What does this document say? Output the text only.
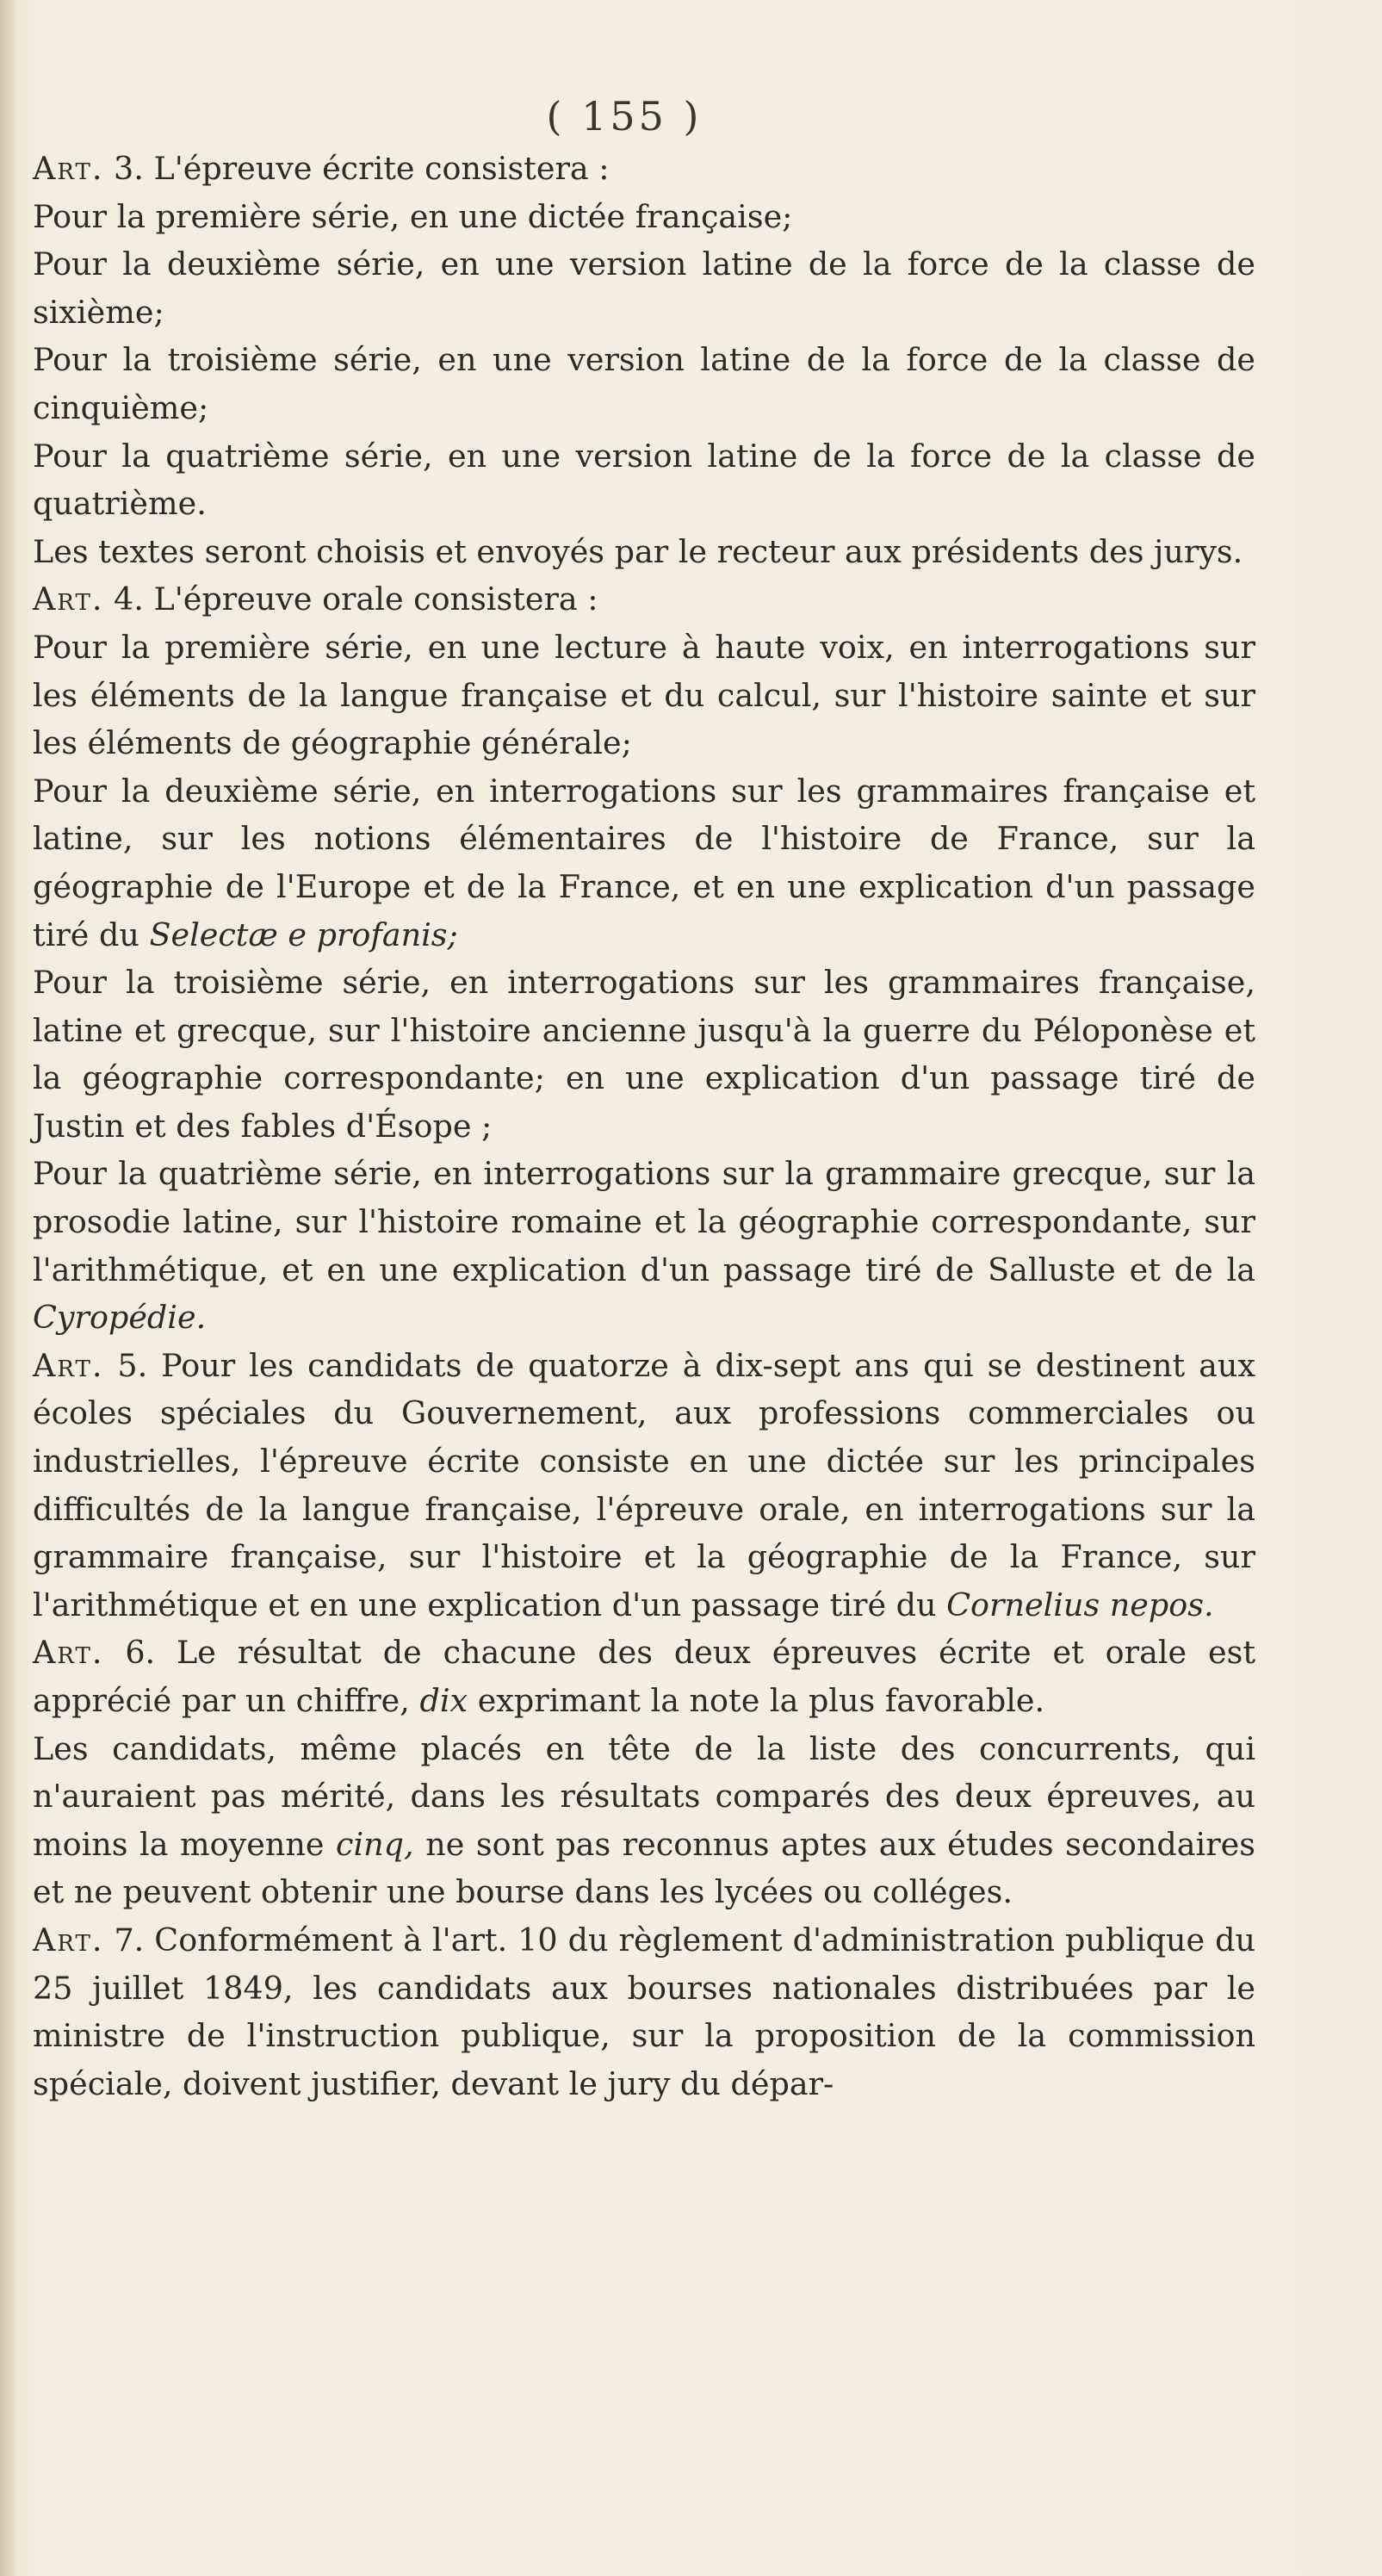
( 155 )

Art. 3. L'épreuve écrite consistera :

Pour la première série, en une dictée française;

Pour la deuxième série, en une version latine de la force de la classe de sixième;

Pour la troisième série, en une version latine de la force de la classe de cinquième;

Pour la quatrième série, en une version latine de la force de la classe de quatrième.

Les textes seront choisis et envoyés par le recteur aux présidents des jurys.

Art. 4. L'épreuve orale consistera :

Pour la première série, en une lecture à haute voix, en interrogations sur les éléments de la langue française et du calcul, sur l'histoire sainte et sur les éléments de géographie générale;

Pour la deuxième série, en interrogations sur les grammaires française et latine, sur les notions élémentaires de l'histoire de France, sur la géographie de l'Europe et de la France, et en une explication d'un passage tiré du Selectæ e profanis;

Pour la troisième série, en interrogations sur les grammaires française, latine et grecque, sur l'histoire ancienne jusqu'à la guerre du Péloponèse et la géographie correspondante; en une explication d'un passage tiré de Justin et des fables d'Ésope ;

Pour la quatrième série, en interrogations sur la grammaire grecque, sur la prosodie latine, sur l'histoire romaine et la géographie correspondante, sur l'arithmétique, et en une explication d'un passage tiré de Salluste et de la Cyropédie.

Art. 5. Pour les candidats de quatorze à dix-sept ans qui se destinent aux écoles spéciales du Gouvernement, aux professions commerciales ou industrielles, l'épreuve écrite consiste en une dictée sur les principales difficultés de la langue française, l'épreuve orale, en interrogations sur la grammaire française, sur l'histoire et la géographie de la France, sur l'arithmétique et en une explication d'un passage tiré du Cornelius nepos.

Art. 6. Le résultat de chacune des deux épreuves écrite et orale est apprécié par un chiffre, dix exprimant la note la plus favorable.

Les candidats, même placés en tête de la liste des concurrents, qui n'auraient pas mérité, dans les résultats comparés des deux épreuves, au moins la moyenne cinq, ne sont pas reconnus aptes aux études secondaires et ne peuvent obtenir une bourse dans les lycées ou colléges.

Art. 7. Conformément à l'art. 10 du règlement d'administration publique du 25 juillet 1849, les candidats aux bourses nationales distribuées par le ministre de l'instruction publique, sur la proposition de la commission spéciale, doivent justifier, devant le jury du dépar-
